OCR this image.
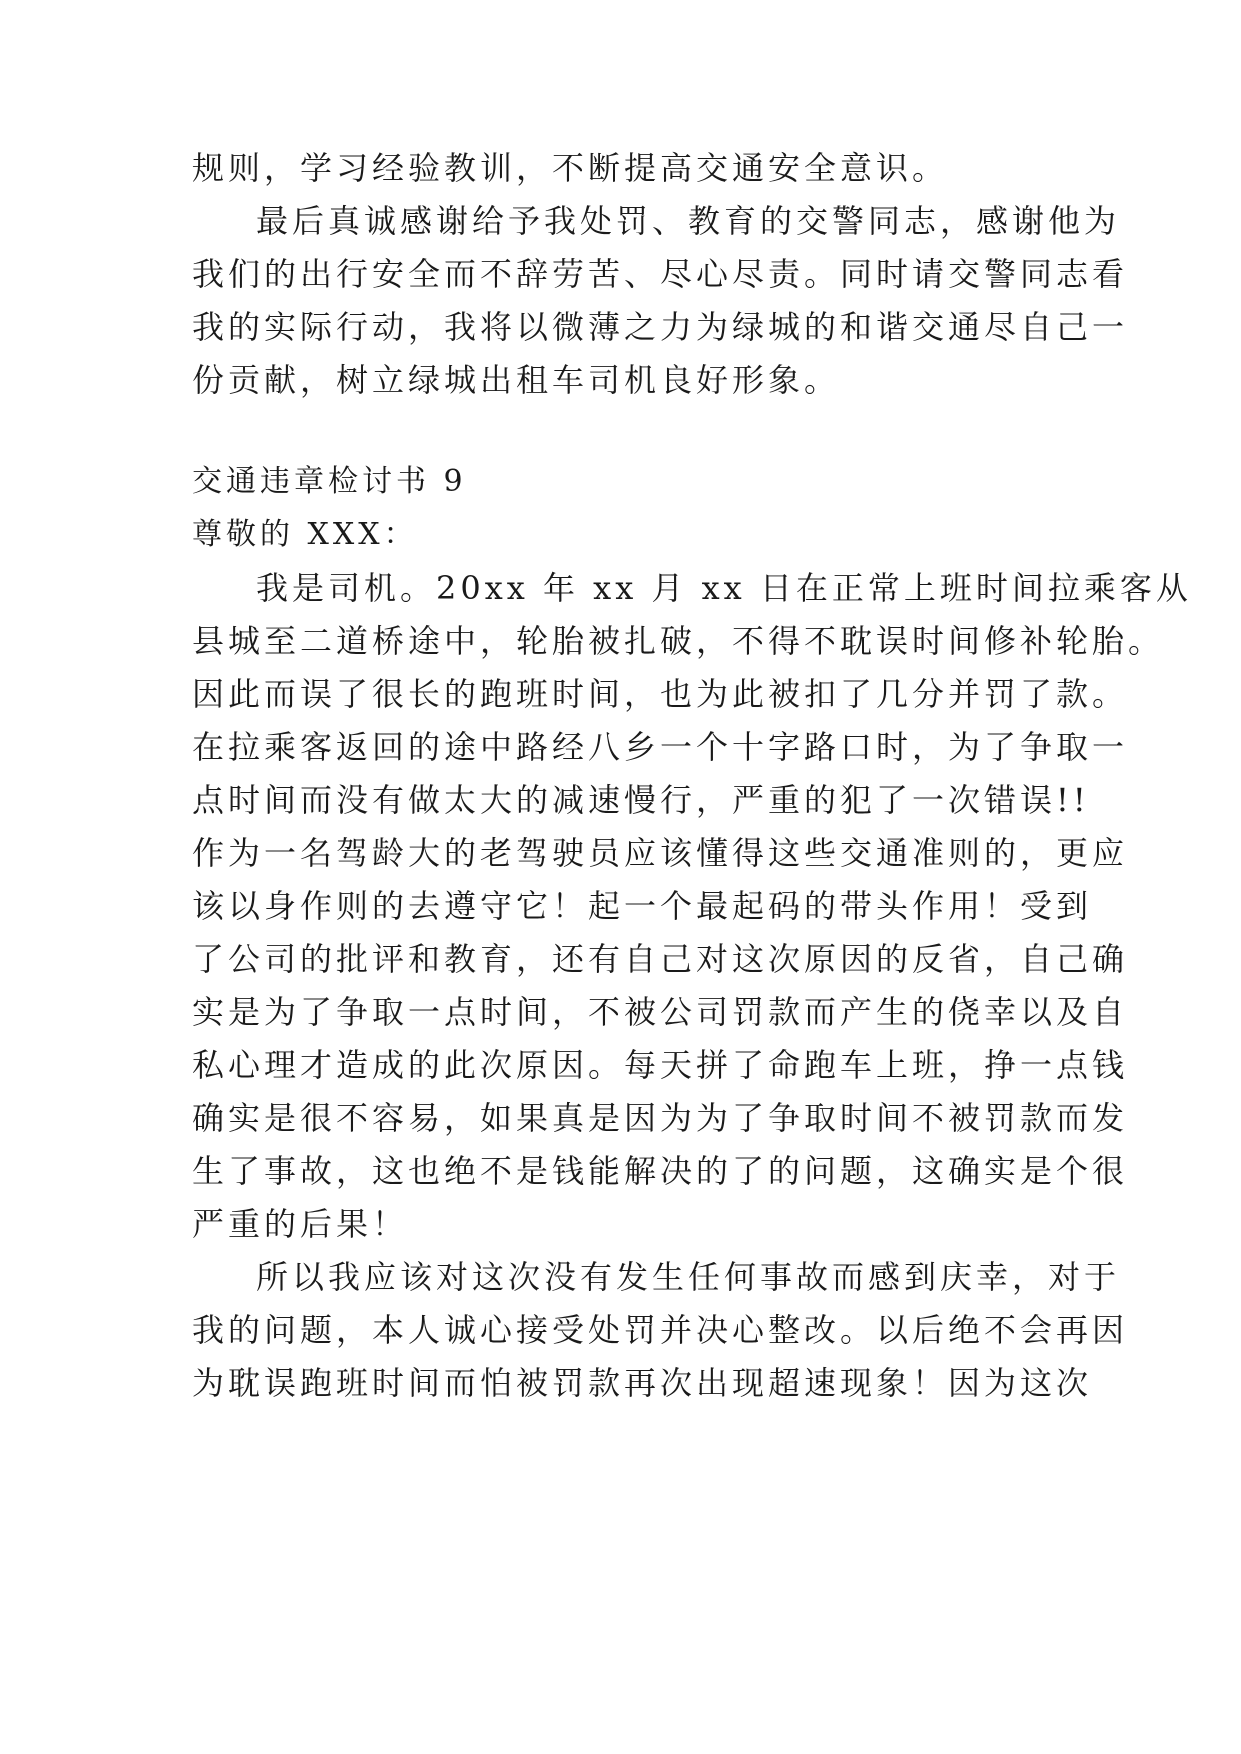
规则，学习经验教训，不断提高交通安全意识。
最后真诚感谢给予我处罚、教育的交警同志，感谢他为
我们的出行安全而不辞劳苦、尽心尽责。同时请交警同志看
我的实际行动，我将以微薄之力为绿城的和谐交通尽自己一
份贡献，树立绿城出租车司机良好形象。
交通违章检讨书 9
尊敬的 XXX：
我是司机。20xx 年 xx 月 xx 日在正常上班时间拉乘客从
县城至二道桥途中，轮胎被扎破，不得不耽误时间修补轮胎。
因此而误了很长的跑班时间，也为此被扣了几分并罚了款。
在拉乘客返回的途中路经八乡一个十字路口时，为了争取一
点时间而没有做太大的减速慢行，严重的犯了一次错误!!
作为一名驾龄大的老驾驶员应该懂得这些交通准则的，更应
该以身作则的去遵守它！起一个最起码的带头作用！受到
了公司的批评和教育，还有自己对这次原因的反省，自己确
实是为了争取一点时间，不被公司罚款而产生的侥幸以及自
私心理才造成的此次原因。每天拼了命跑车上班，挣一点钱
确实是很不容易，如果真是因为为了争取时间不被罚款而发
生了事故，这也绝不是钱能解决的了的问题，这确实是个很
严重的后果！
所以我应该对这次没有发生任何事故而感到庆幸，对于
我的问题，本人诚心接受处罚并决心整改。以后绝不会再因
为耽误跑班时间而怕被罚款再次出现超速现象！因为这次
